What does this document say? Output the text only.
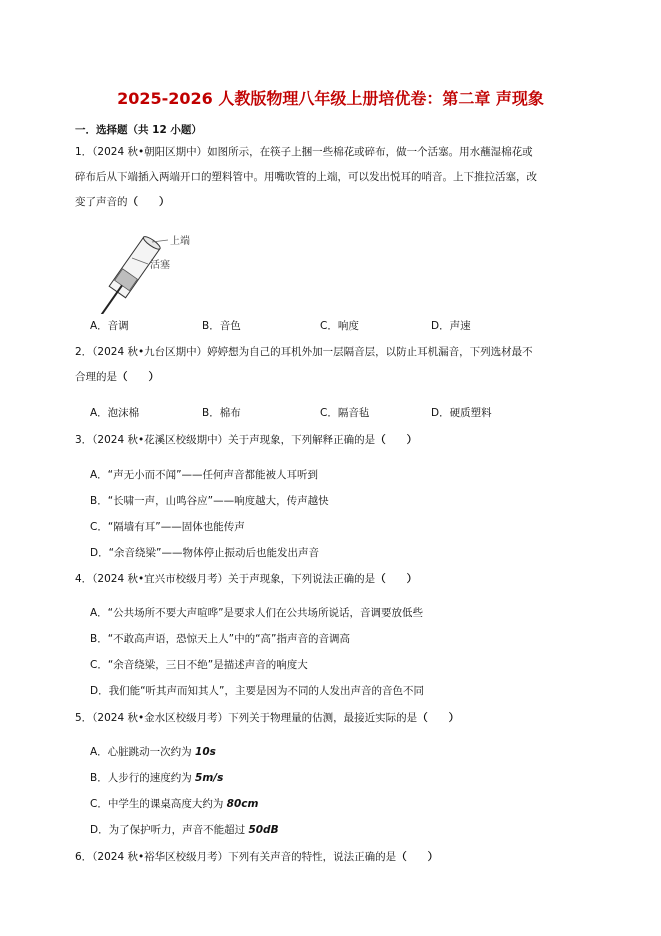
2025-2026 人教版物理八年级上册培优卷：第二章 声现象
一．选择题（共 12 小题）
1．（2024 秋•朝阳区期中）如图所示，在筷子上捆一些棉花或碎布，做一个活塞。用水蘸湿棉花或
碎布后从下端插入两端开口的塑料管中。用嘴吹管的上端，可以发出悦耳的哨音。上下推拉活塞，改
变了声音的（　　）
上端
活塞
A．音调	B．音色	C．响度	D．声速
2．（2024 秋•九台区期中）婷婷想为自己的耳机外加一层隔音层，以防止耳机漏音，下列选材最不
合理的是（　　）
A．泡沫棉	B．棉布	C．隔音毡	D．硬质塑料
3．（2024 秋•花溪区校级期中）关于声现象，下列解释正确的是（　　）
A．“声无小而不闻”——任何声音都能被人耳听到
B．“长啸一声，山鸣谷应”——响度越大，传声越快
C．“隔墙有耳”——固体也能传声
D．“余音绕梁”——物体停止振动后也能发出声音
4．（2024 秋•宜兴市校级月考）关于声现象，下列说法正确的是（　　）
A．“公共场所不要大声喧哗”是要求人们在公共场所说话，音调要放低些
B．“不敢高声语，恐惊天上人”中的“高”指声音的音调高
C．“余音绕梁，三日不绝”是描述声音的响度大
D．我们能“听其声而知其人”，主要是因为不同的人发出声音的音色不同
5．（2024 秋•金水区校级月考）下列关于物理量的估测，最接近实际的是（　　）
A．心脏跳动一次约为 10s
B．人步行的速度约为 5m/s
C．中学生的课桌高度大约为 80cm
D．为了保护听力，声音不能超过 50dB
6．（2024 秋•裕华区校级月考）下列有关声音的特性，说法正确的是（　　）
